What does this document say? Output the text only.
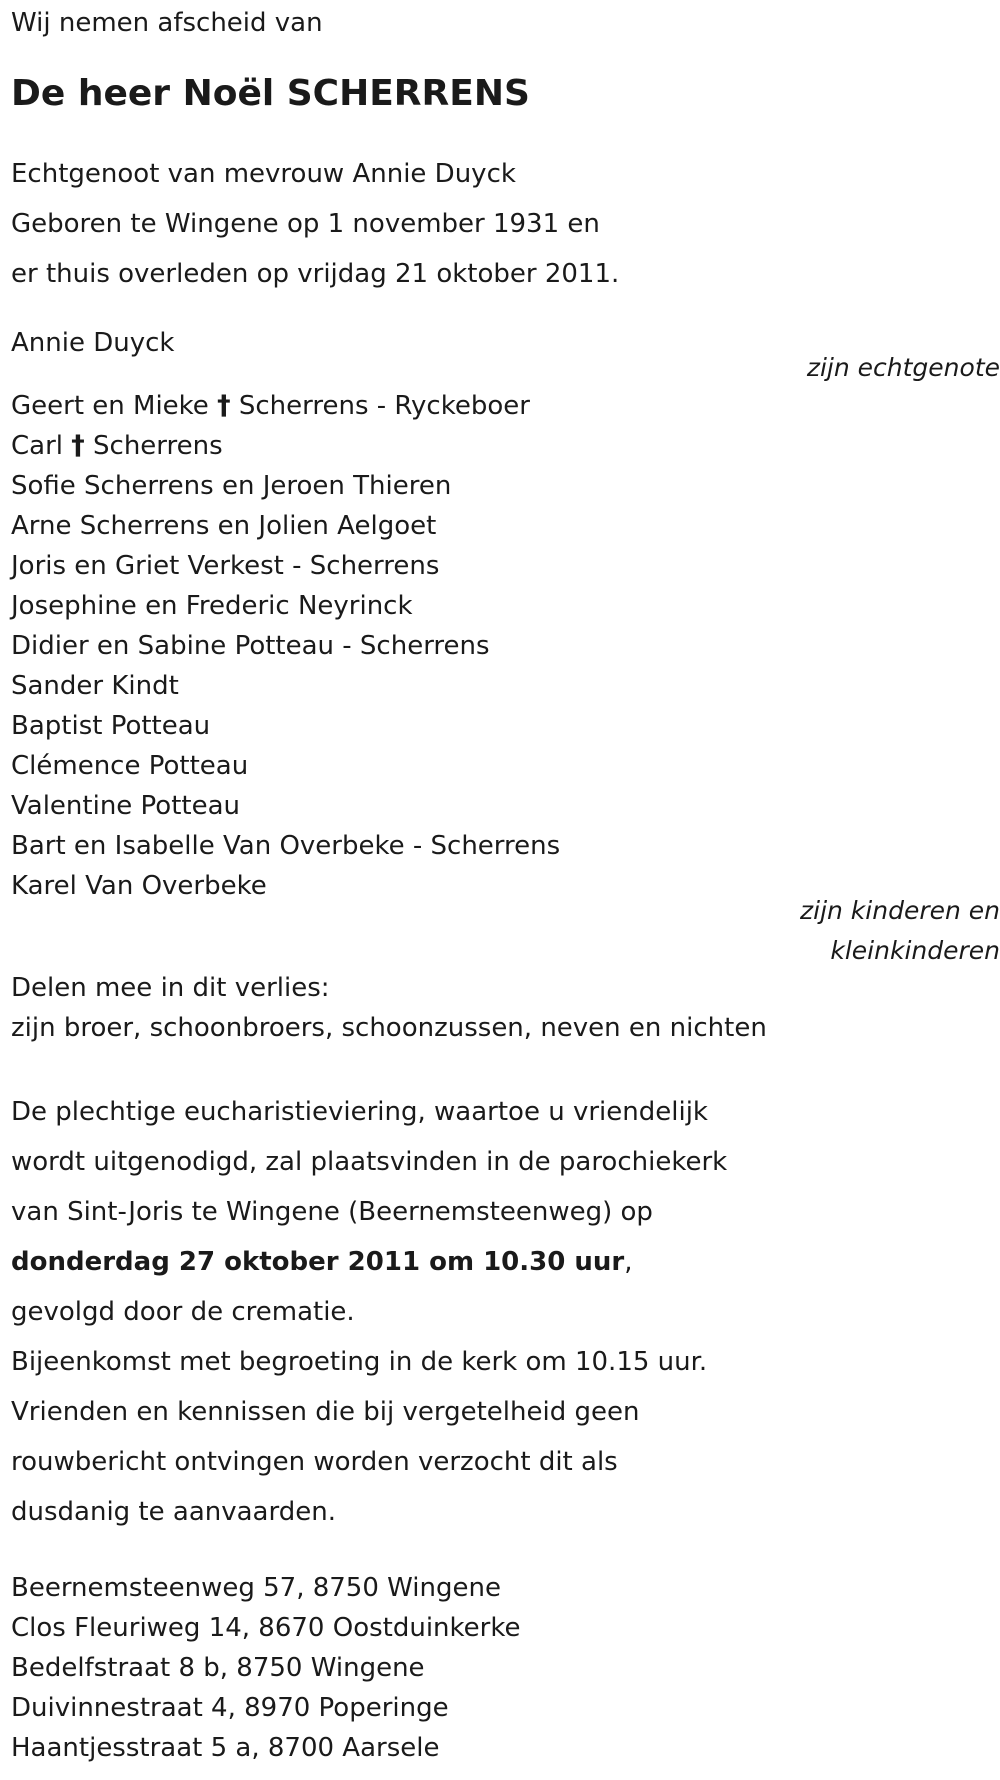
Wij nemen afscheid van
De heer Noël SCHERRENS
Echtgenoot van mevrouw Annie Duyck
Geboren te Wingene op 1 november 1931 en
er thuis overleden op vrijdag 21 oktober 2011.
Annie Duyck
zijn echtgenote
Geert en Mieke † Scherrens - Ryckeboer
Carl † Scherrens
Sofie Scherrens en Jeroen Thieren
Arne Scherrens en Jolien Aelgoet
Joris en Griet Verkest - Scherrens
Josephine en Frederic Neyrinck
Didier en Sabine Potteau - Scherrens
Sander Kindt
Baptist Potteau
Clémence Potteau
Valentine Potteau
Bart en Isabelle Van Overbeke - Scherrens
Karel Van Overbeke
zijn kinderen en
kleinkinderen
Delen mee in dit verlies:
zijn broer, schoonbroers, schoonzussen, neven en nichten
De plechtige eucharistieviering, waartoe u vriendelijk
wordt uitgenodigd, zal plaatsvinden in de parochiekerk
van Sint-Joris te Wingene (Beernemsteenweg) op
donderdag 27 oktober 2011 om 10.30 uur,
gevolgd door de crematie.
Bijeenkomst met begroeting in de kerk om 10.15 uur.
Vrienden en kennissen die bij vergetelheid geen
rouwbericht ontvingen worden verzocht dit als
dusdanig te aanvaarden.
Beernemsteenweg 57, 8750 Wingene
Clos Fleuriweg 14, 8670 Oostduinkerke
Bedelfstraat 8 b, 8750 Wingene
Duivinnestraat 4, 8970 Poperinge
Haantjesstraat 5 a, 8700 Aarsele
